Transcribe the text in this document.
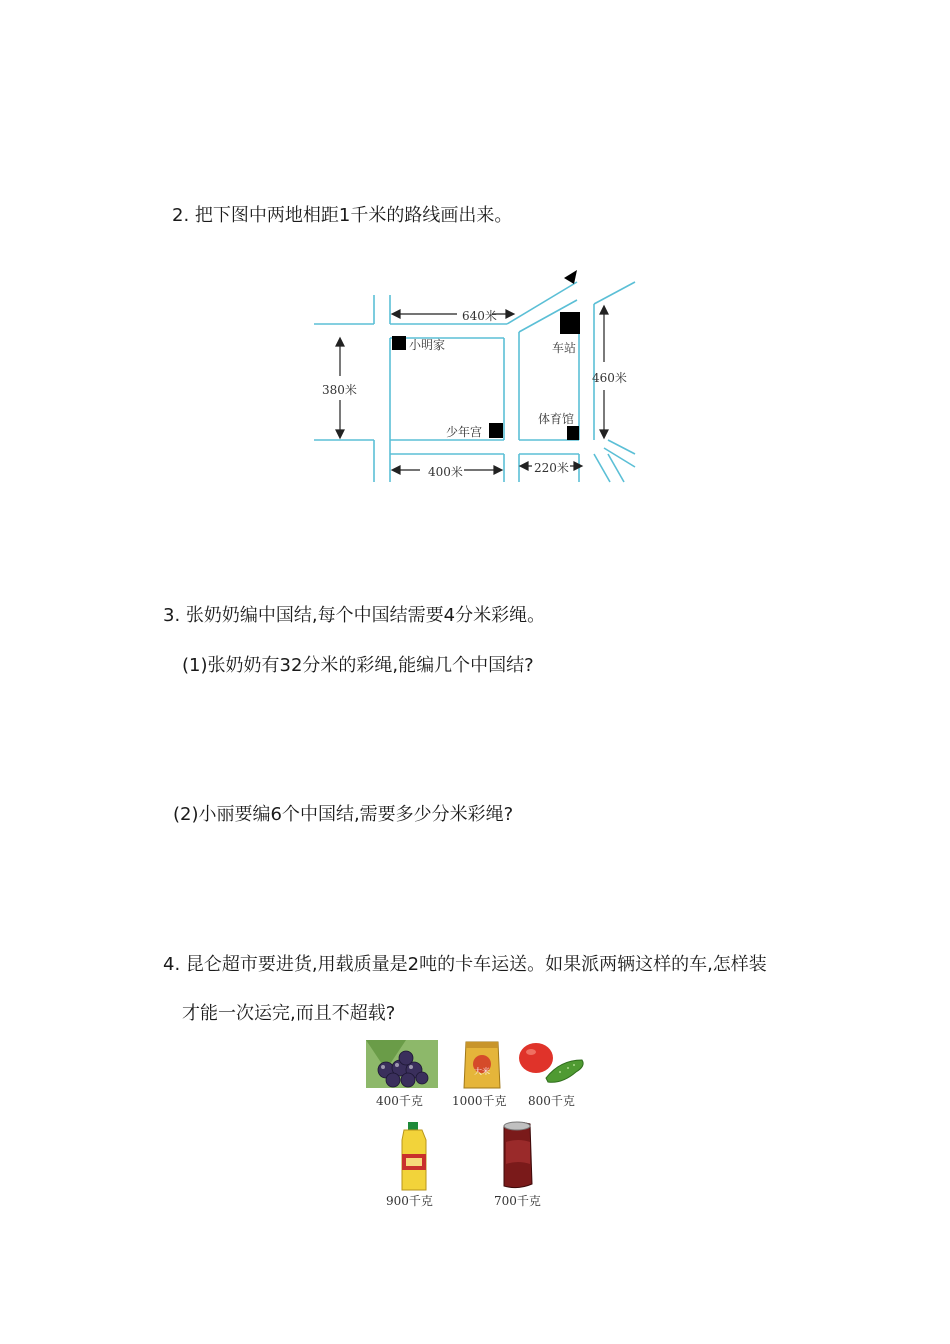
2. 把下图中两地相距1千米的路线画出来。
640米
小明家	车站
380米
460米
少年宫
体育馆
400米	220米
3. 张奶奶编中国结,每个中国结需要4分米彩绳。
(1)张奶奶有32分米的彩绳,能编几个中国结?
(2)小丽要编6个中国结,需要多少分米彩绳?
4. 昆仑超市要进货,用载质量是2吨的卡车运送。如果派两辆这样的车,怎样装
才能一次运完,而且不超载?
400千克
大米
1000千克 800千克
900千克	700千克
